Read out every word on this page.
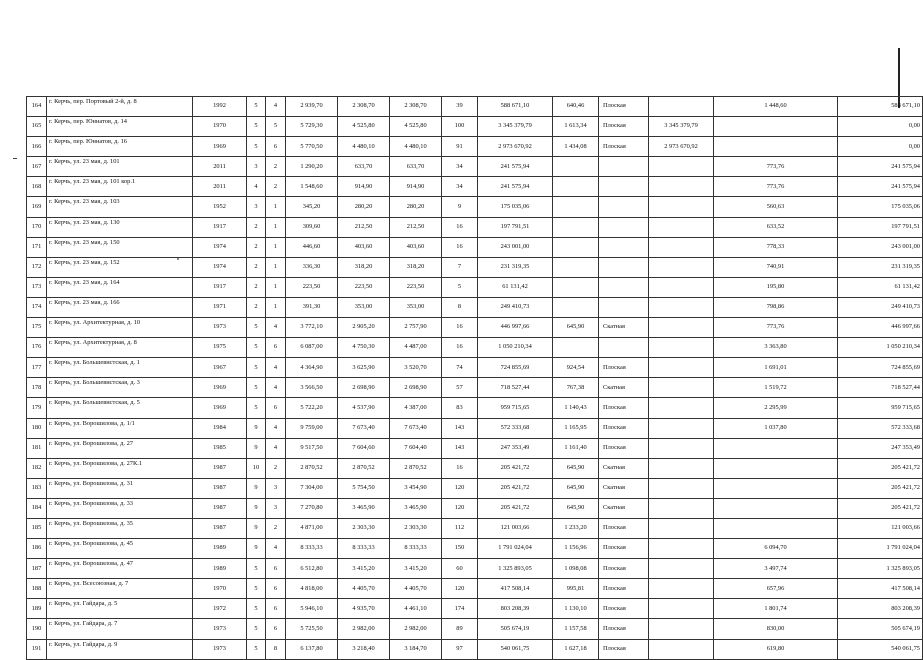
164	г. Керчь, пер. Портовый 2-й, д. 8	1992	5	4	2 939,70	2 308,70	2 308,70	39	588 671,10	640,46	Плоская		1 448,60	588 671,10
165	г. Керчь, пер. Юннатов, д. 14	1970	5	5	5 729,30	4 525,80	4 525,80	100	3 345 379,79	1 613,34	Плоская	3 345 379,79		0,00
166	г. Керчь, пер. Юннатов, д. 16	1969	5	6	5 770,50	4 480,10	4 480,10	91	2 973 670,92	1 434,08	Плоская	2 973 670,92		0,00
167	г. Керчь, ул. 23 мая, д. 101	2011	3	2	1 290,20	633,70	633,70	34	241 575,94				773,76	241 575,94
168	г. Керчь, ул. 23 мая, д. 101 кор.1	2011	4	2	1 548,60	914,90	914,90	34	241 575,94				773,76	241 575,94
169	г. Керчь, ул. 23 мая, д. 103	1952	3	1	345,20	280,20	280,20	9	175 035,06				560,63	175 035,06
170	г. Керчь, ул. 23 мая, д. 130	1917	2	1	309,60	212,50	212,50	16	197 791,51				633,52	197 791,51
171	г. Керчь, ул. 23 мая, д. 150	1974	2	1	446,60	403,60	403,60	16	243 001,00				778,33	243 001,00
172	г. Керчь, ул. 23 мая, д. 152	1974	2	1	336,30	318,20	318,20	7	231 319,35				740,91	231 319,35
173	г. Керчь, ул. 23 мая, д. 164	1917	2	1	223,50	223,50	223,50	5	61 131,42				195,80	61 131,42
174	г. Керчь, ул. 23 мая, д. 166	1971	2	1	391,30	353,00	353,00	8	249 410,73				798,86	249 410,73
175	г. Керчь, ул. Архитектурная, д. 10	1973	5	4	3 772,10	2 905,20	2 757,90	16	446 997,66	645,90	Скатная		773,76	446 997,66
176	г. Керчь, ул. Архитектурная, д. 8	1975	5	6	6 087,00	4 750,30	4 487,00	16	1 050 210,34				3 363,80	1 050 210,34
177	г. Керчь, ул. Большевистская, д. 1	1967	5	4	4 364,90	3 625,90	3 520,70	74	724 855,69	924,54	Плоская		1 691,01	724 855,69
178	г. Керчь, ул. Большевистская, д. 3	1969	5	4	3 566,50	2 698,90	2 698,90	57	718 527,44	767,38	Скатная		1 519,72	718 527,44
179	г. Керчь, ул. Большевистская, д. 5	1969	5	6	5 722,20	4 537,90	4 387,00	83	959 715,65	1 140,43	Плоская		2 295,99	959 715,65
180	г. Керчь, ул. Ворошилова, д. 1/1	1984	9	4	9 759,00	7 673,40	7 673,40	143	572 333,68	1 165,95	Плоская		1 037,80	572 333,68
181	г. Керчь, ул. Ворошилова, д. 27	1985	9	4	9 517,50	7 604,60	7 604,40	143	247 353,49	1 161,40	Плоская			247 353,49
182	г. Керчь, ул. Ворошилова, д. 27К.1	1987	10	2	2 870,52	2 870,52	2 870,52	16	205 421,72	645,90	Скатная			205 421,72
183	г. Керчь, ул. Ворошилова, д. 31	1987	9	3	7 304,00	5 754,50	3 454,90	120	205 421,72	645,90	Скатная			205 421,72
184	г. Керчь, ул. Ворошилова, д. 33	1987	9	3	7 270,80	3 465,90	3 465,90	120	205 421,72	645,90	Скатная			205 421,72
185	г. Керчь, ул. Ворошилова, д. 35	1987	9	2	4 871,00	2 303,30	2 303,30	112	121 003,66	1 233,20	Плоская			121 003,66
186	г. Керчь, ул. Ворошилова, д. 45	1989	9	4	8 333,33	8 333,33	8 333,33	150	1 791 024,04	1 156,96	Плоская		6 094,70	1 791 024,04
187	г. Керчь, ул. Ворошилова, д. 47	1989	5	6	6 512,80	3 415,20	3 415,20	60	1 325 893,05	1 098,08	Плоская		3 497,74	1 325 893,05
188	г. Керчь, ул. Всесоюзная, д. 7	1970	5	6	4 818,00	4 405,70	4 405,70	120	417 508,14	995,81	Плоская		657,96	417 508,14
189	г. Керчь, ул. Гайдара, д. 5	1972	5	6	5 946,10	4 935,70	4 461,10	174	803 208,39	1 130,10	Плоская		1 801,74	803 208,39
190	г. Керчь, ул. Гайдара, д. 7	1973	5	6	5 725,50	2 982,00	2 982,00	89	505 674,19	1 157,58	Плоская		830,00	505 674,19
191	г. Керчь, ул. Гайдара, д. 9	1973	5	8	6 137,80	3 218,40	3 184,70	97	540 061,75	1 627,18	Плоская		619,80	540 061,75
